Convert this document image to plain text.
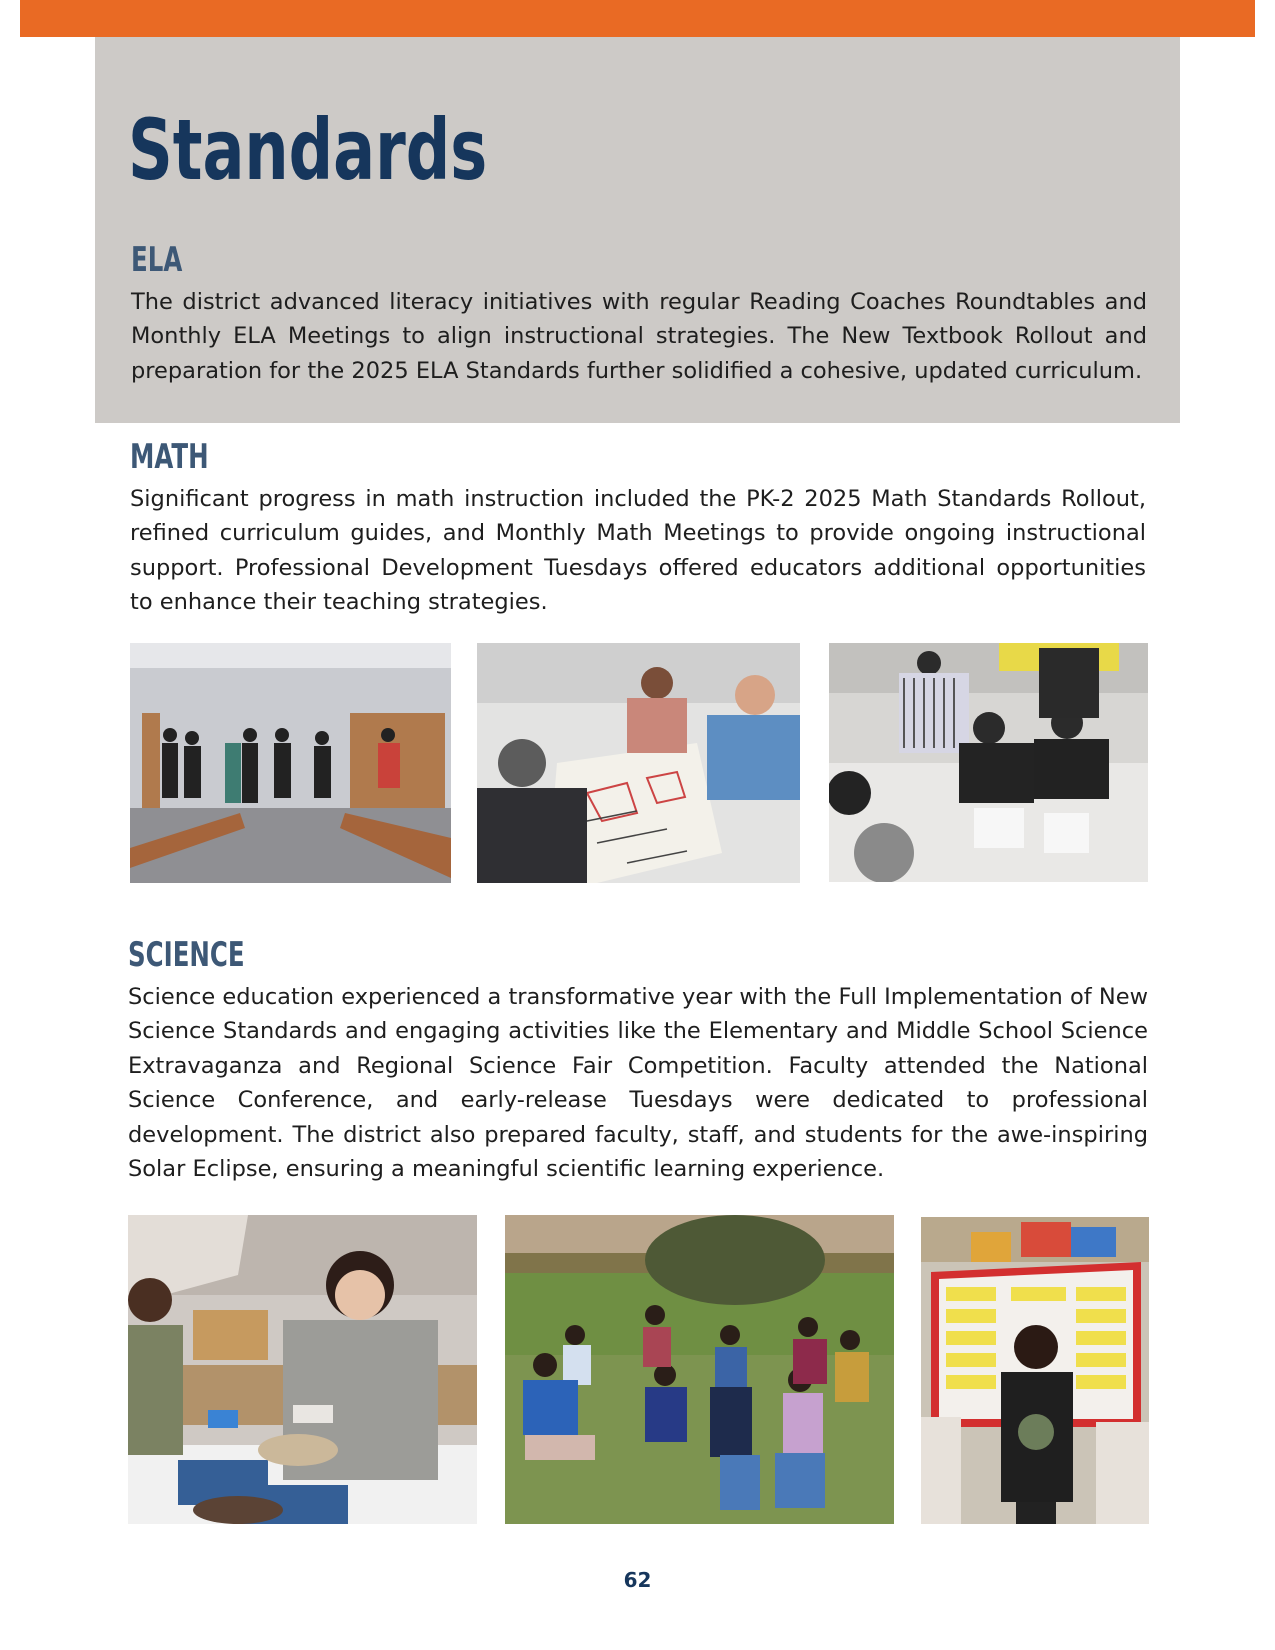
Standards
ELA

The district advanced literacy initiatives with regular Reading Coaches Roundtables and Monthly ELA Meetings to align instructional strategies. The New Textbook Rollout and preparation for the 2025 ELA Standards further solidified a cohesive, updated curriculum.

MATH

Significant progress in math instruction included the PK-2 2025 Math Standards Rollout, refined curriculum guides, and Monthly Math Meetings to provide ongoing instructional support. Professional Development Tuesdays offered educators additional opportunities to enhance their teaching strategies.

SCIENCE

Science education experienced a transformative year with the Full Implementation of New Science Standards and engaging activities like the Elementary and Middle School Science Extravaganza and Regional Science Fair Competition. Faculty attended the National Science Conference, and early-release Tuesdays were dedicated to professional development. The district also prepared faculty, staff, and students for the awe-inspiring Solar Eclipse, ensuring a meaningful scientific learning experience.

62
